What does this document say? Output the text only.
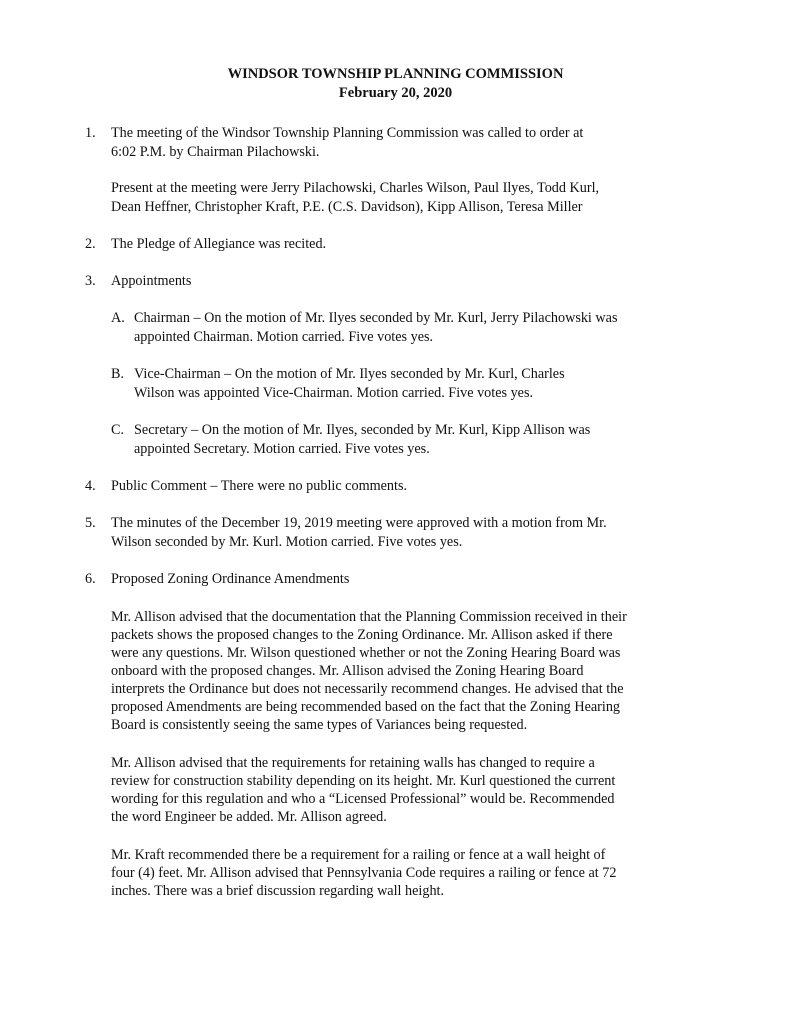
WINDSOR TOWNSHIP PLANNING COMMISSION
February 20, 2020
1. The meeting of the Windsor Township Planning Commission was called to order at
6:02 P.M. by Chairman Pilachowski.
Present at the meeting were Jerry Pilachowski, Charles Wilson, Paul Ilyes, Todd Kurl,
Dean Heffner, Christopher Kraft, P.E. (C.S. Davidson), Kipp Allison, Teresa Miller
2. The Pledge of Allegiance was recited.
3. Appointments
A. Chairman – On the motion of Mr. Ilyes seconded by Mr. Kurl, Jerry Pilachowski was
appointed Chairman. Motion carried. Five votes yes.
B. Vice-Chairman – On the motion of Mr. Ilyes seconded by Mr. Kurl, Charles
Wilson was appointed Vice-Chairman. Motion carried. Five votes yes.
C. Secretary – On the motion of Mr. Ilyes, seconded by Mr. Kurl, Kipp Allison was
appointed Secretary. Motion carried. Five votes yes.
4. Public Comment – There were no public comments.
5. The minutes of the December 19, 2019 meeting were approved with a motion from Mr.
Wilson seconded by Mr. Kurl. Motion carried. Five votes yes.
6. Proposed Zoning Ordinance Amendments
Mr. Allison advised that the documentation that the Planning Commission received in their
packets shows the proposed changes to the Zoning Ordinance. Mr. Allison asked if there
were any questions. Mr. Wilson questioned whether or not the Zoning Hearing Board was
onboard with the proposed changes. Mr. Allison advised the Zoning Hearing Board
interprets the Ordinance but does not necessarily recommend changes. He advised that the
proposed Amendments are being recommended based on the fact that the Zoning Hearing
Board is consistently seeing the same types of Variances being requested.
Mr. Allison advised that the requirements for retaining walls has changed to require a
review for construction stability depending on its height. Mr. Kurl questioned the current
wording for this regulation and who a “Licensed Professional” would be. Recommended
the word Engineer be added. Mr. Allison agreed.
Mr. Kraft recommended there be a requirement for a railing or fence at a wall height of
four (4) feet. Mr. Allison advised that Pennsylvania Code requires a railing or fence at 72
inches. There was a brief discussion regarding wall height.
